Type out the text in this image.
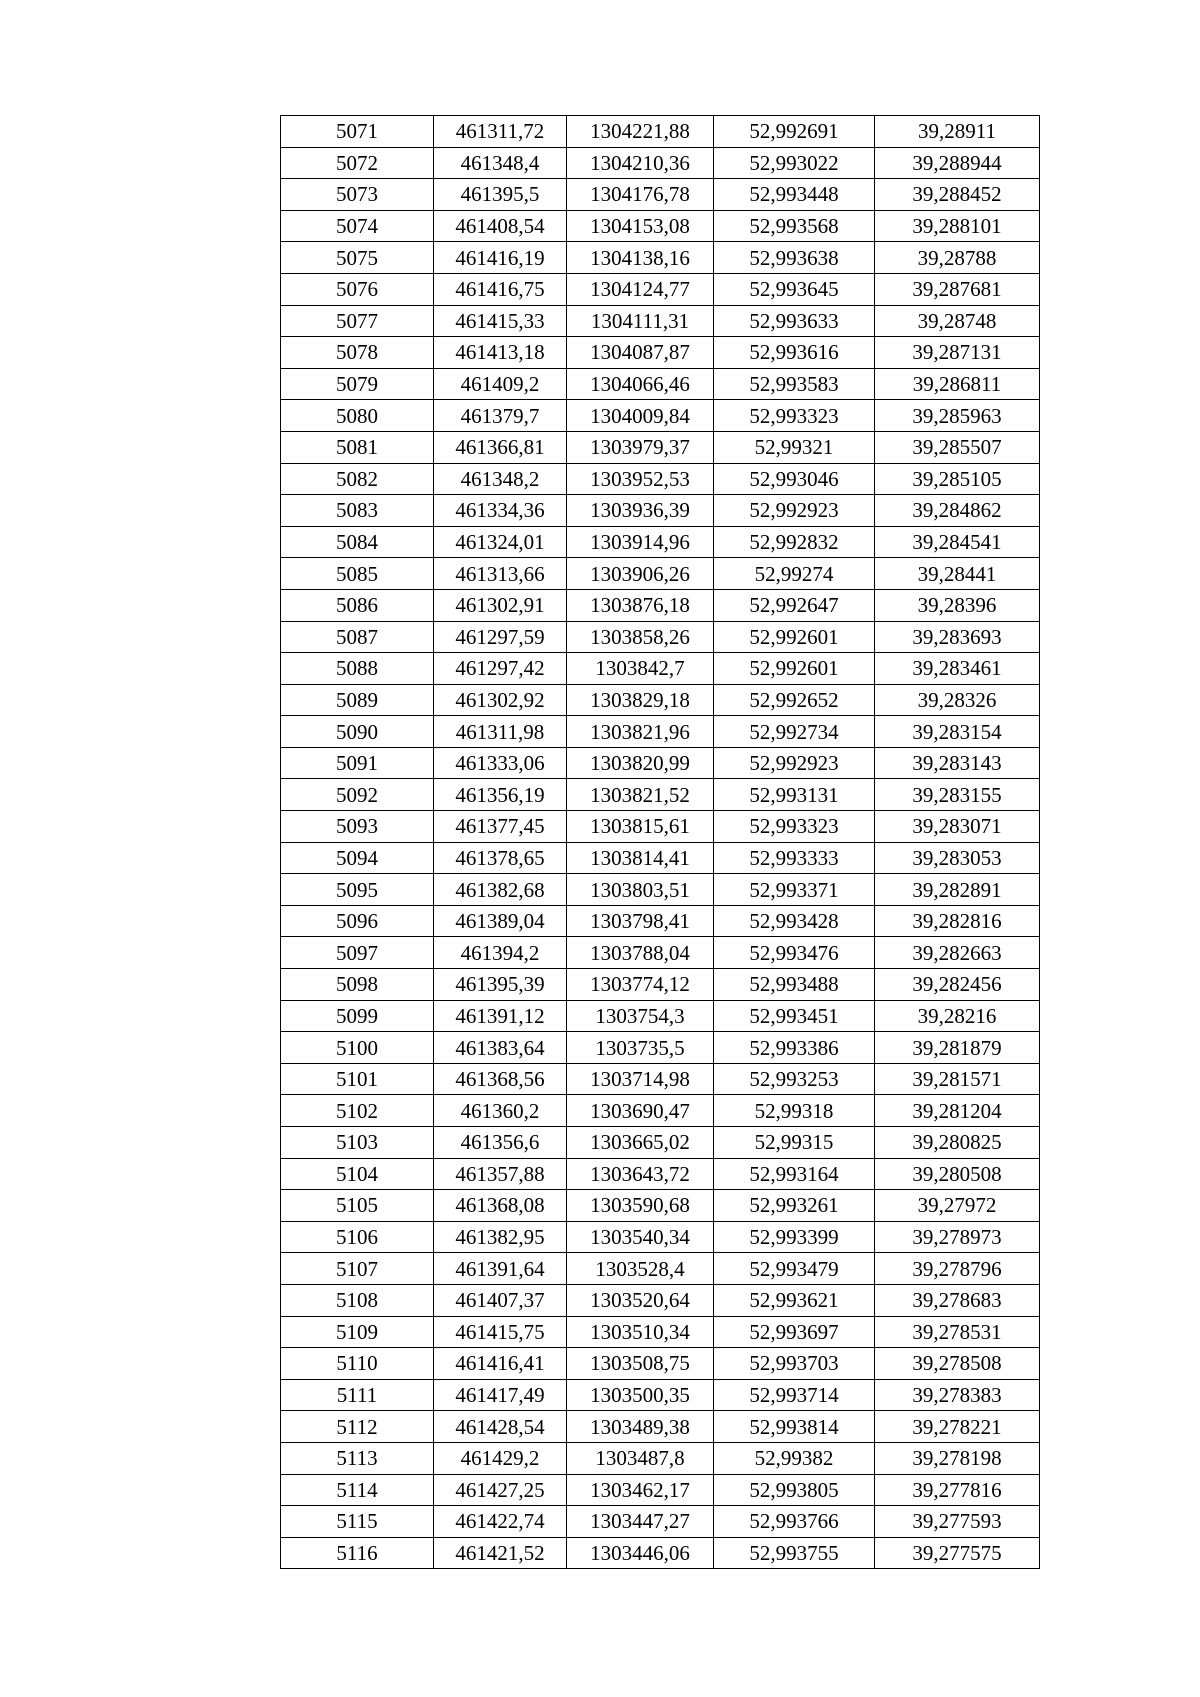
5071	461311,72	1304221,88	52,992691	39,28911
5072	461348,4	1304210,36	52,993022	39,288944
5073	461395,5	1304176,78	52,993448	39,288452
5074	461408,54	1304153,08	52,993568	39,288101
5075	461416,19	1304138,16	52,993638	39,28788
5076	461416,75	1304124,77	52,993645	39,287681
5077	461415,33	1304111,31	52,993633	39,28748
5078	461413,18	1304087,87	52,993616	39,287131
5079	461409,2	1304066,46	52,993583	39,286811
5080	461379,7	1304009,84	52,993323	39,285963
5081	461366,81	1303979,37	52,99321	39,285507
5082	461348,2	1303952,53	52,993046	39,285105
5083	461334,36	1303936,39	52,992923	39,284862
5084	461324,01	1303914,96	52,992832	39,284541
5085	461313,66	1303906,26	52,99274	39,28441
5086	461302,91	1303876,18	52,992647	39,28396
5087	461297,59	1303858,26	52,992601	39,283693
5088	461297,42	1303842,7	52,992601	39,283461
5089	461302,92	1303829,18	52,992652	39,28326
5090	461311,98	1303821,96	52,992734	39,283154
5091	461333,06	1303820,99	52,992923	39,283143
5092	461356,19	1303821,52	52,993131	39,283155
5093	461377,45	1303815,61	52,993323	39,283071
5094	461378,65	1303814,41	52,993333	39,283053
5095	461382,68	1303803,51	52,993371	39,282891
5096	461389,04	1303798,41	52,993428	39,282816
5097	461394,2	1303788,04	52,993476	39,282663
5098	461395,39	1303774,12	52,993488	39,282456
5099	461391,12	1303754,3	52,993451	39,28216
5100	461383,64	1303735,5	52,993386	39,281879
5101	461368,56	1303714,98	52,993253	39,281571
5102	461360,2	1303690,47	52,99318	39,281204
5103	461356,6	1303665,02	52,99315	39,280825
5104	461357,88	1303643,72	52,993164	39,280508
5105	461368,08	1303590,68	52,993261	39,27972
5106	461382,95	1303540,34	52,993399	39,278973
5107	461391,64	1303528,4	52,993479	39,278796
5108	461407,37	1303520,64	52,993621	39,278683
5109	461415,75	1303510,34	52,993697	39,278531
5110	461416,41	1303508,75	52,993703	39,278508
5111	461417,49	1303500,35	52,993714	39,278383
5112	461428,54	1303489,38	52,993814	39,278221
5113	461429,2	1303487,8	52,99382	39,278198
5114	461427,25	1303462,17	52,993805	39,277816
5115	461422,74	1303447,27	52,993766	39,277593
5116	461421,52	1303446,06	52,993755	39,277575
